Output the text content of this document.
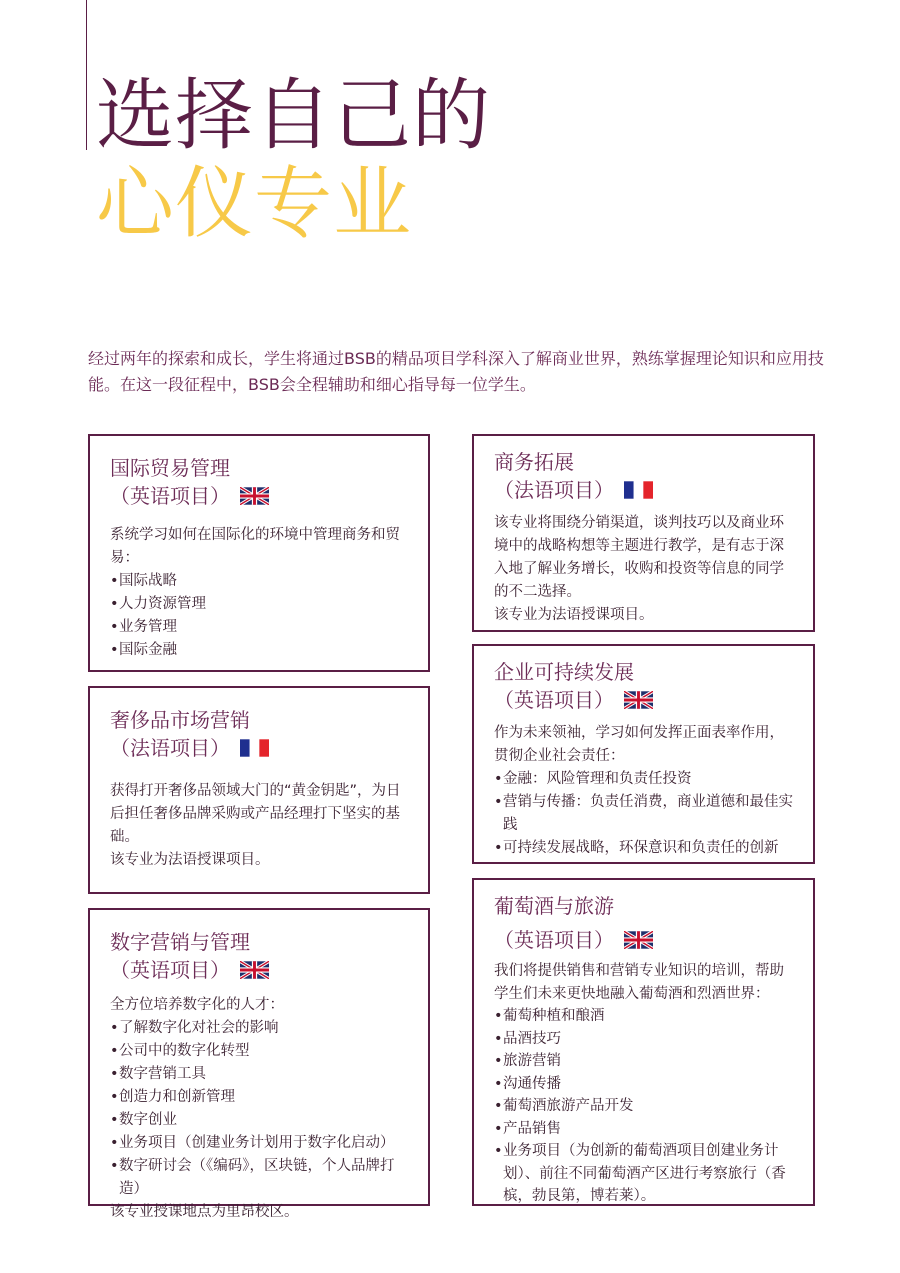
选择自己的
心仪专业
经过两年的探索和成长，学生将通过BSB的精品项目学科深入了解商业世界，熟练掌握理论知识和应用技能。在这一段征程中，BSB会全程辅助和细心指导每一位学生。
国际贸易管理
（英语项目）

系统学习如何在国际化的环境中管理商务和贸易：

• 国际战略
• 人力资源管理
• 业务管理
• 国际金融
商务拓展
（法语项目）

该专业将围绕分销渠道，谈判技巧以及商业环境中的战略构想等主题进行教学，是有志于深入地了解业务增长，收购和投资等信息的同学的不二选择。

该专业为法语授课项目。

奢侈品市场营销
（法语项目）

获得打开奢侈品领域大门的“黄金钥匙”，为日后担任奢侈品牌采购或产品经理打下坚实的基础。

该专业为法语授课项目。

企业可持续发展
（英语项目）

作为未来领袖，学习如何发挥正面表率作用，贯彻企业社会责任：

• 金融：风险管理和负责任投资
• 营销与传播：负责任消费，商业道德和最佳实践
• 可持续发展战略，环保意识和负责任的创新
数字营销与管理
（英语项目）

全方位培养数字化的人才：

• 了解数字化对社会的影响
• 公司中的数字化转型
• 数字营销工具
• 创造力和创新管理
• 数字创业
• 业务项目（创建业务计划用于数字化启动）
• 数字研讨会（《编码》，区块链，个人品牌打造）

该专业授课地点为里昂校区。

葡萄酒与旅游
（英语项目）

我们将提供销售和营销专业知识的培训，帮助学生们未来更快地融入葡萄酒和烈酒世界：

• 葡萄种植和酿酒
• 品酒技巧
• 旅游营销
• 沟通传播
• 葡萄酒旅游产品开发
• 产品销售
• 业务项目（为创新的葡萄酒项目创建业务计划）、前往不同葡萄酒产区进行考察旅行（香槟，勃艮第，博若莱）。
